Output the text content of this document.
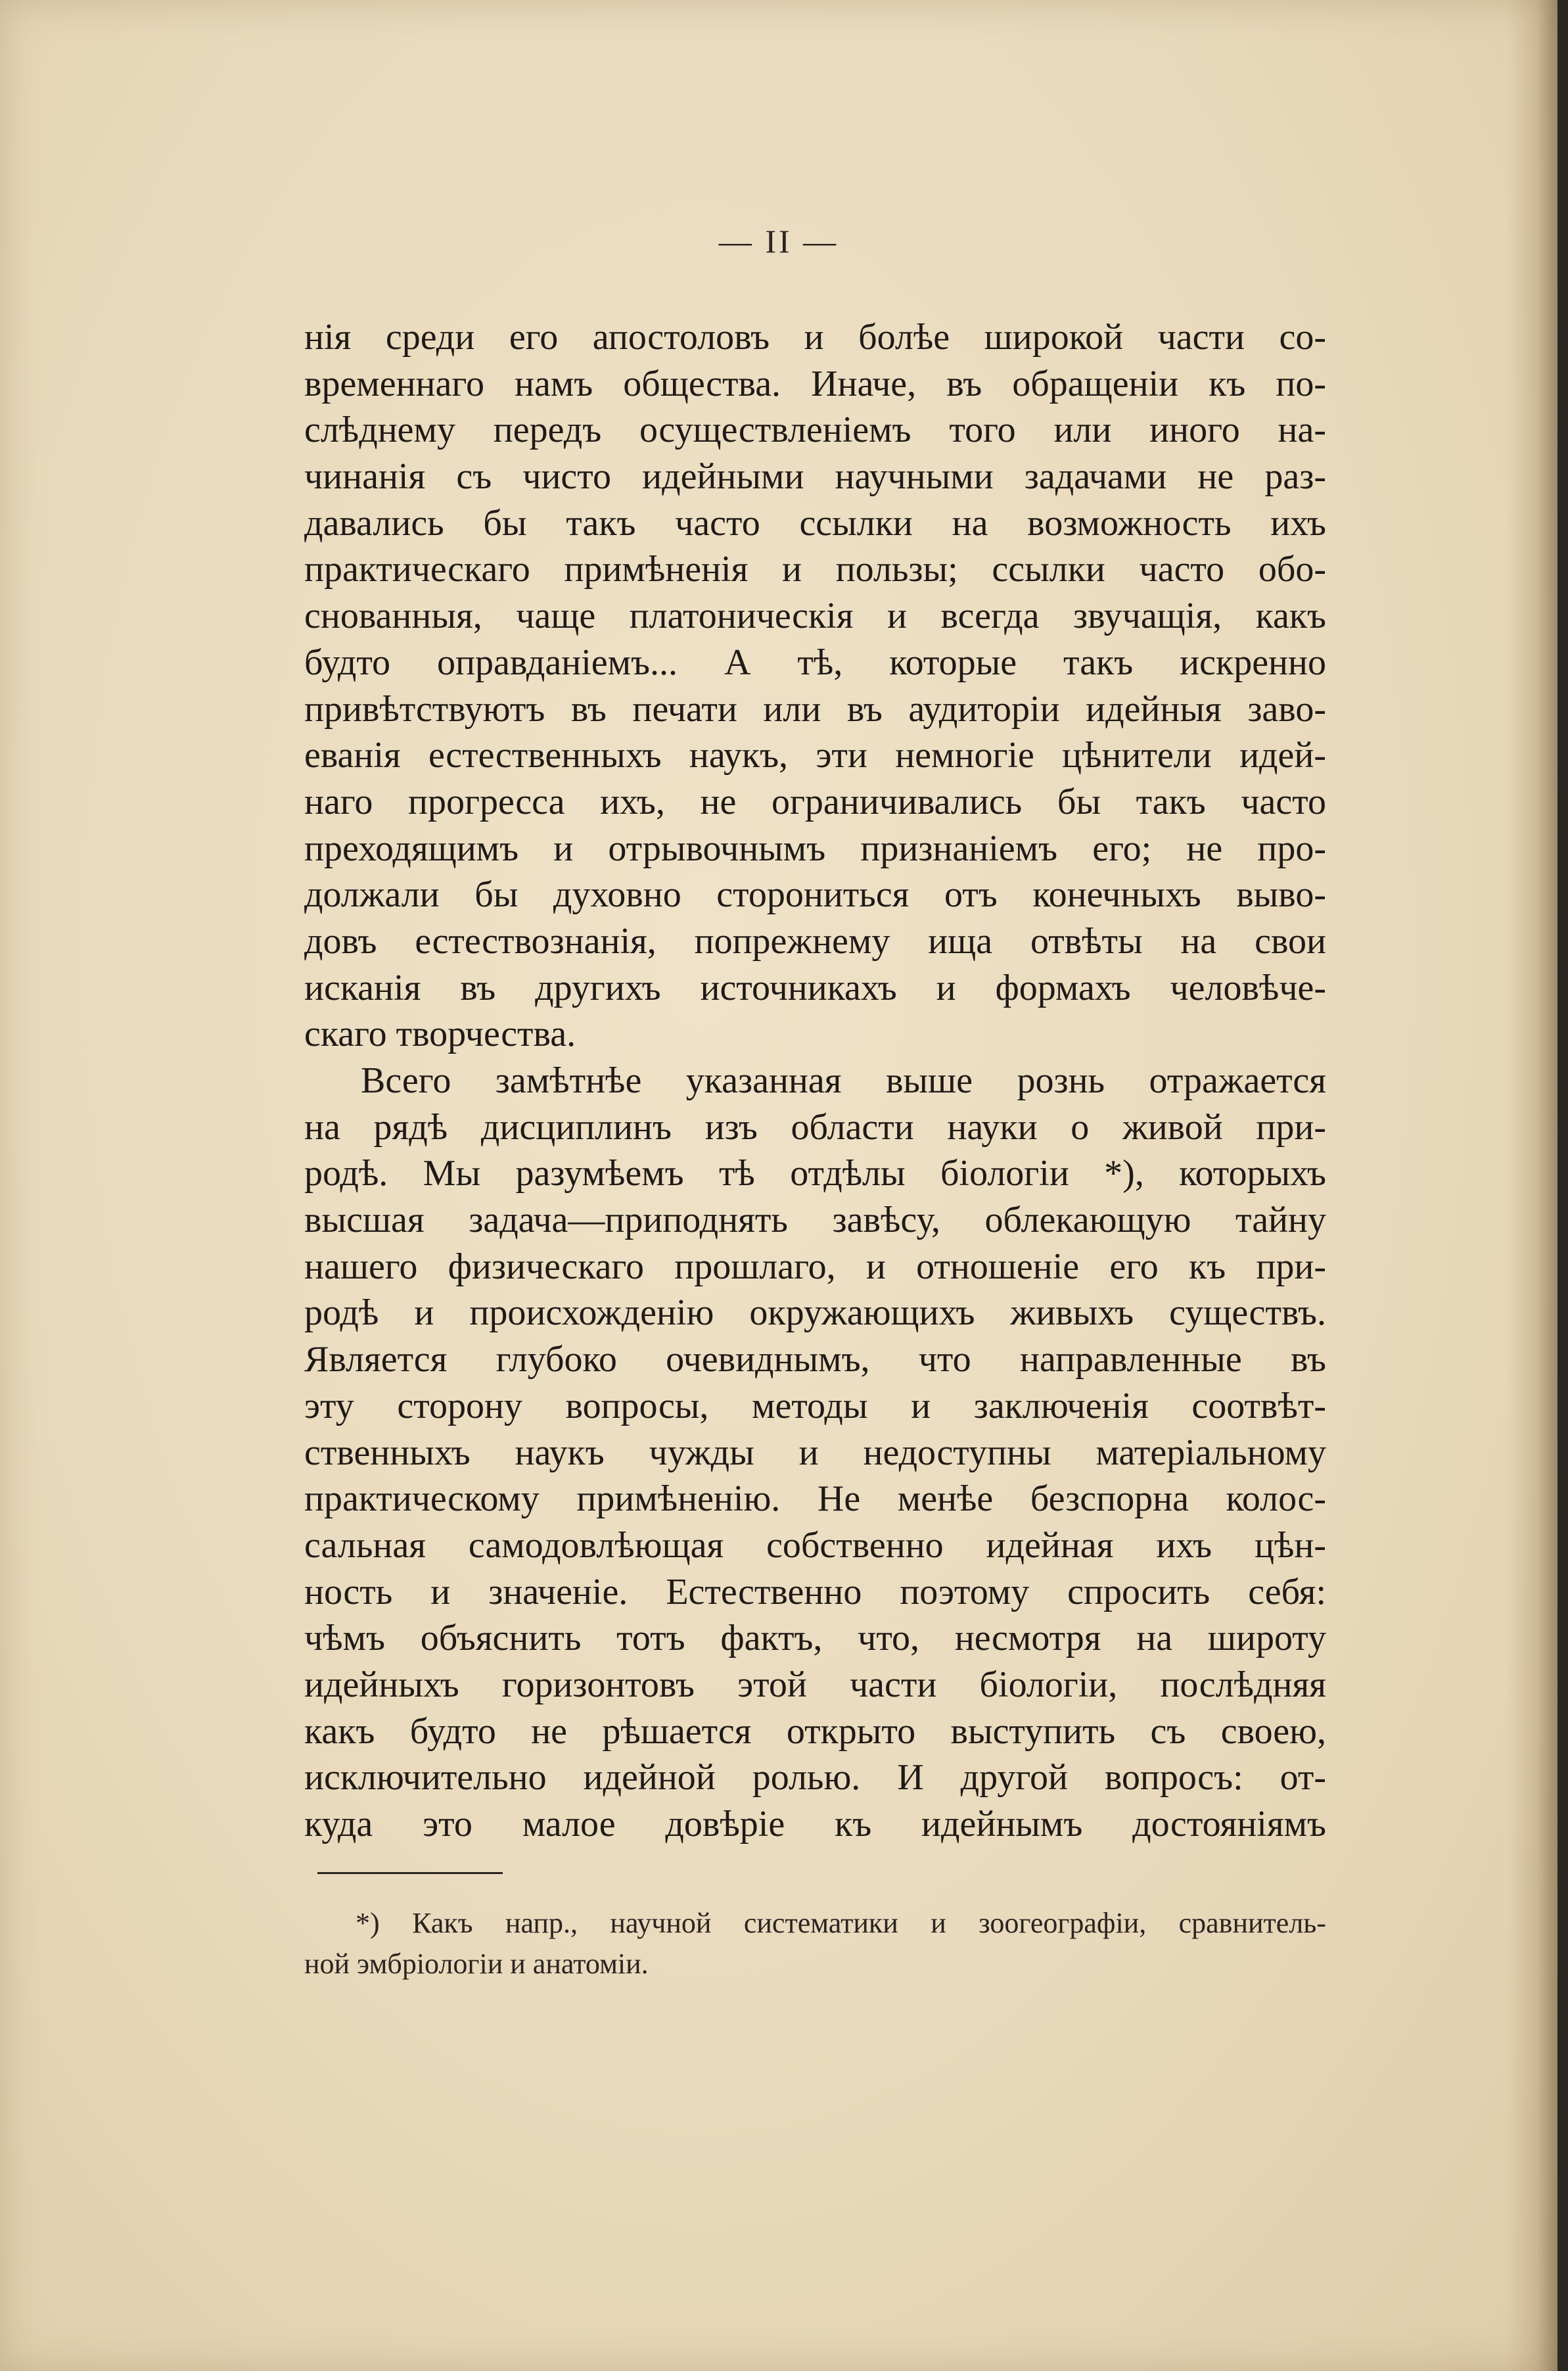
— II —
нія среди его апостоловъ и болѣе широкой части со-
временнаго намъ общества. Иначе, въ обращеніи къ по-
слѣднему передъ осуществленіемъ того или иного на-
чинанія съ чисто идейными научными задачами не раз-
давались бы такъ часто ссылки на возможность ихъ
практическаго примѣненія и пользы; ссылки часто обо-
снованныя, чаще платоническія и всегда звучащія, какъ
будто оправданіемъ... А тѣ, которые такъ искренно
привѣтствуютъ въ печати или въ аудиторіи идейныя заво-
еванія естественныхъ наукъ, эти немногіе цѣнители идей-
наго прогресса ихъ, не ограничивались бы такъ часто
преходящимъ и отрывочнымъ признаніемъ его; не про-
должали бы духовно сторониться отъ конечныхъ выво-
довъ естествознанія, попрежнему ища отвѣты на свои
исканія въ другихъ источникахъ и формахъ человѣче-
скаго творчества.
Всего замѣтнѣе указанная выше рознь отражается
на рядѣ дисциплинъ изъ области науки о живой при-
родѣ. Мы разумѣемъ тѣ отдѣлы біологіи *), которыхъ
высшая задача—приподнять завѣсу, облекающую тайну
нашего физическаго прошлаго, и отношеніе его къ при-
родѣ и происхожденію окружающихъ живыхъ существъ.
Является глубоко очевиднымъ, что направленные въ
эту сторону вопросы, методы и заключенія соотвѣт-
ственныхъ наукъ чужды и недоступны матеріальному
практическому примѣненію. Не менѣе безспорна колос-
сальная самодовлѣющая собственно идейная ихъ цѣн-
ность и значеніе. Естественно поэтому спросить себя:
чѣмъ объяснить тотъ фактъ, что, несмотря на широту
идейныхъ горизонтовъ этой части біологіи, послѣдняя
какъ будто не рѣшается открыто выступить съ своею,
исключительно идейной ролью. И другой вопросъ: от-
куда это малое довѣріе къ идейнымъ достояніямъ
*) Какъ напр., научной систематики и зоогеографіи, сравнитель-
ной эмбріологіи и анатоміи.
